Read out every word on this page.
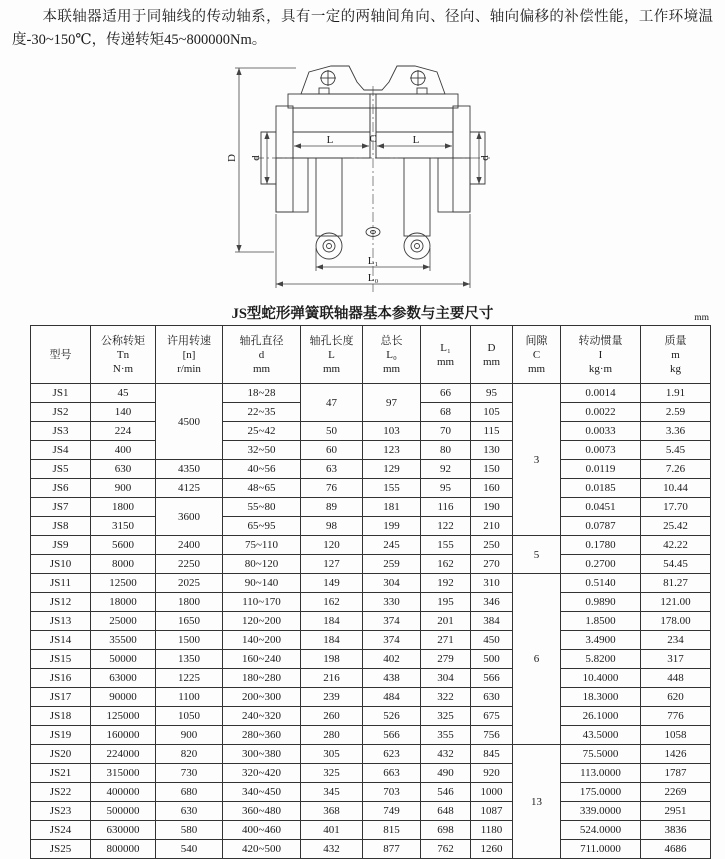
本联轴器适用于同轴线的传动轴系，具有一定的两轴间角向、径向、轴向偏移的补偿性能，工作环境温度-30~150℃，传递转矩45~800000Nm。

D d	d
L	C	L
L₁
L₀
JS型蛇形弹簧联轴器基本参数与主要尺寸	mm
型号

公称转矩
Tn
N·m

许用转速
[n]
r/min

轴孔直径
d
mm

轴孔长度
L
mm

总长
L₀
mm

L₁
mm

D
mm

间隙
C
mm

转动惯量
I
kg·m

质量
m
kg

JS1	45	4500	18~28	47	97	66	95	3	0.0014	1.91
JS2	140		22~35			68	105		0.0022	2.59
JS3	224		25~42	50	103	70	115		0.0033	3.36
JS4	400		32~50	60	123	80	130		0.0073	5.45
JS5	630	4350	40~56	63	129	92	150		0.0119	7.26
JS6	900	4125	48~65	76	155	95	160		0.0185	10.44
JS7	1800	3600	55~80	89	181	116	190		0.0451	17.70
JS8	3150		65~95	98	199	122	210		0.0787	25.42
JS9	5600	2400	75~110	120	245	155	250	5	0.1780	42.22
JS10	8000	2250	80~120	127	259	162	270		0.2700	54.45
JS11	12500	2025	90~140	149	304	192	310	6	0.5140	81.27
JS12	18000	1800	110~170	162	330	195	346		0.9890	121.00
JS13	25000	1650	120~200	184	374	201	384		1.8500	178.00
JS14	35500	1500	140~200	184	374	271	450		3.4900	234
JS15	50000	1350	160~240	198	402	279	500		5.8200	317
JS16	63000	1225	180~280	216	438	304	566		10.4000	448
JS17	90000	1100	200~300	239	484	322	630		18.3000	620
JS18	125000	1050	240~320	260	526	325	675		26.1000	776
JS19	160000	900	280~360	280	566	355	756		43.5000	1058
JS20	224000	820	300~380	305	623	432	845	13	75.5000	1426
JS21	315000	730	320~420	325	663	490	920		113.0000	1787
JS22	400000	680	340~450	345	703	546	1000		175.0000	2269
JS23	500000	630	360~480	368	749	648	1087		339.0000	2951
JS24	630000	580	400~460	401	815	698	1180		524.0000	3836
JS25	800000	540	420~500	432	877	762	1260		711.0000	4686
